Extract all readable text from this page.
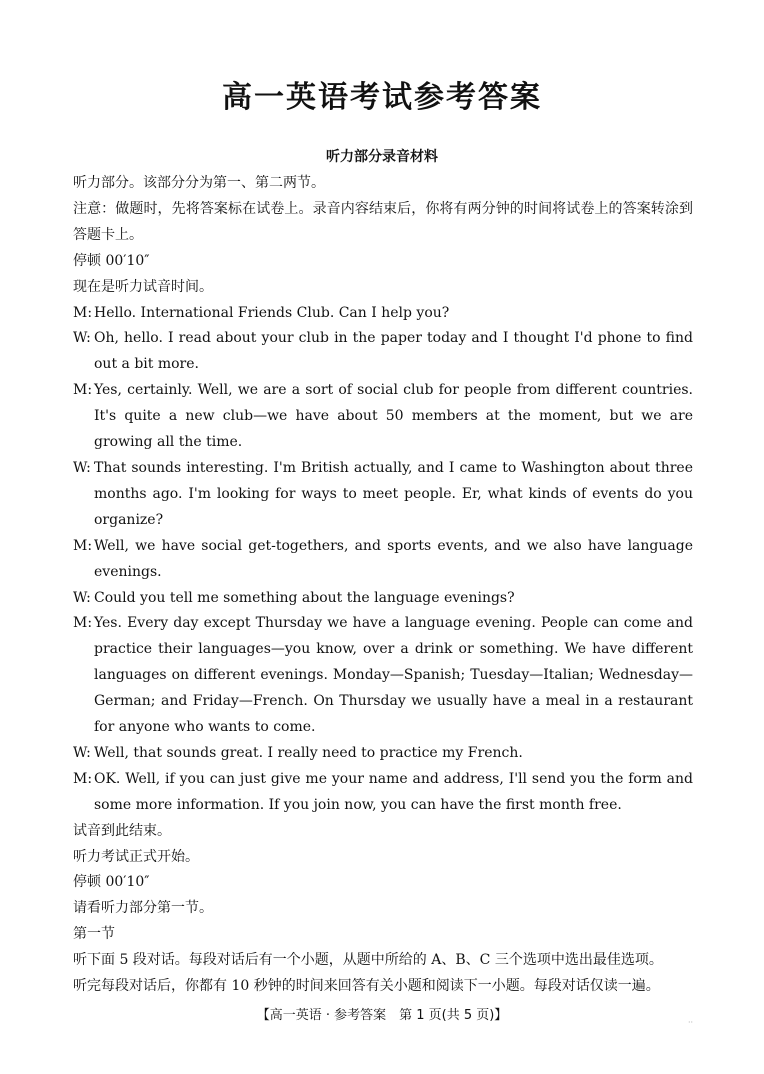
高一英语考试参考答案
听力部分录音材料
听力部分。该部分分为第一、第二两节。
注意：做题时，先将答案标在试卷上。录音内容结束后，你将有两分钟的时间将试卷上的答案转涂到答题卡上。
停顿 00′10″
现在是听力试音时间。
M: Hello. International Friends Club. Can I help you?
W: Oh, hello. I read about your club in the paper today and I thought I'd phone to find out a bit more.
M: Yes, certainly. Well, we are a sort of social club for people from different countries. It's quite a new club—we have about 50 members at the moment, but we are growing all the time.
W: That sounds interesting. I'm British actually, and I came to Washington about three months ago. I'm looking for ways to meet people. Er, what kinds of events do you organize?
M: Well, we have social get-togethers, and sports events, and we also have language evenings.
W: Could you tell me something about the language evenings?
M: Yes. Every day except Thursday we have a language evening. People can come and practice their languages—you know, over a drink or something. We have different languages on different evenings. Monday—Spanish; Tuesday—Italian; Wednesday—German; and Friday—French. On Thursday we usually have a meal in a restaurant for anyone who wants to come.
W: Well, that sounds great. I really need to practice my French.
M: OK. Well, if you can just give me your name and address, I'll send you the form and some more information. If you join now, you can have the first month free.
试音到此结束。
听力考试正式开始。
停顿 00′10″
请看听力部分第一节。
第一节
听下面 5 段对话。每段对话后有一个小题，从题中所给的 A、B、C 三个选项中选出最佳选项。
听完每段对话后，你都有 10 秒钟的时间来回答有关小题和阅读下一小题。每段对话仅读一遍。
【高一英语 · 参考答案　第 1 页(共 5 页)】	··
